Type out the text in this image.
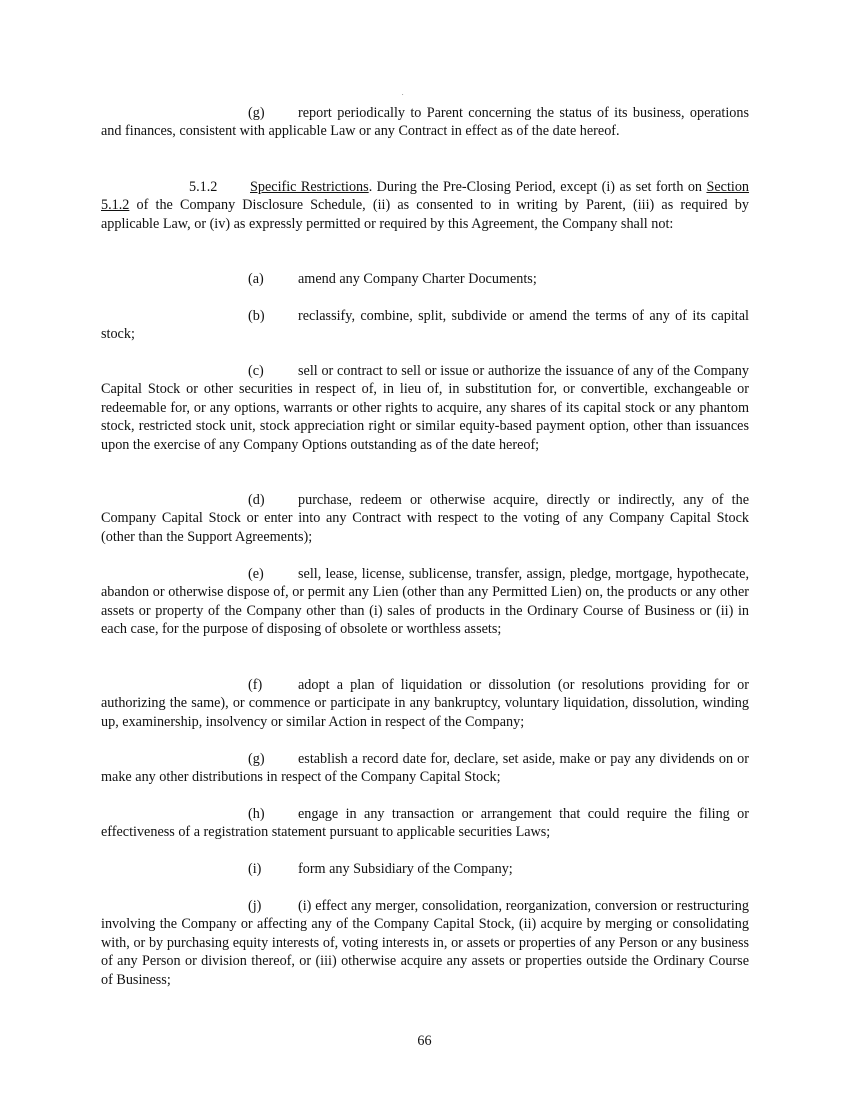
.

(g) report periodically to Parent concerning the status of its business, operations and finances, consistent with applicable Law or any Contract in effect as of the date hereof.

5.1.2 Specific Restrictions. During the Pre-Closing Period, except (i) as set forth on Section 5.1.2 of the Company Disclosure Schedule, (ii) as consented to in writing by Parent, (iii) as required by applicable Law, or (iv) as expressly permitted or required by this Agreement, the Company shall not:

(a) amend any Company Charter Documents;

(b) reclassify, combine, split, subdivide or amend the terms of any of its capital stock;

(c) sell or contract to sell or issue or authorize the issuance of any of the Company Capital Stock or other securities in respect of, in lieu of, in substitution for, or convertible, exchangeable or redeemable for, or any options, warrants or other rights to acquire, any shares of its capital stock or any phantom stock, restricted stock unit, stock appreciation right or similar equity-based payment option, other than issuances upon the exercise of any Company Options outstanding as of the date hereof;

(d) purchase, redeem or otherwise acquire, directly or indirectly, any of the Company Capital Stock or enter into any Contract with respect to the voting of any Company Capital Stock (other than the Support Agreements);

(e) sell, lease, license, sublicense, transfer, assign, pledge, mortgage, hypothecate, abandon or otherwise dispose of, or permit any Lien (other than any Permitted Lien) on, the products or any other assets or property of the Company other than (i) sales of products in the Ordinary Course of Business or (ii) in each case, for the purpose of disposing of obsolete or worthless assets;

(f)	adopt a plan of liquidation or dissolution (or resolutions providing for or authorizing the same), or commence or participate in any bankruptcy, voluntary liquidation, dissolution, winding up, examinership, insolvency or similar Action in respect of the Company;

(g) establish a record date for, declare, set aside, make or pay any dividends on or make any other distributions in respect of the Company Capital Stock;

(h) engage in any transaction or arrangement that could require the filing or effectiveness of a registration statement pursuant to applicable securities Laws;

(i)	form any Subsidiary of the Company;

(j)	(i) effect any merger, consolidation, reorganization, conversion or restructuring involving the Company or affecting any of the Company Capital Stock, (ii) acquire by merging or consolidating with, or by purchasing equity interests of, voting interests in, or assets or properties of any Person or any business of any Person or division thereof, or (iii) otherwise acquire any assets or properties outside the Ordinary Course of Business;

66
